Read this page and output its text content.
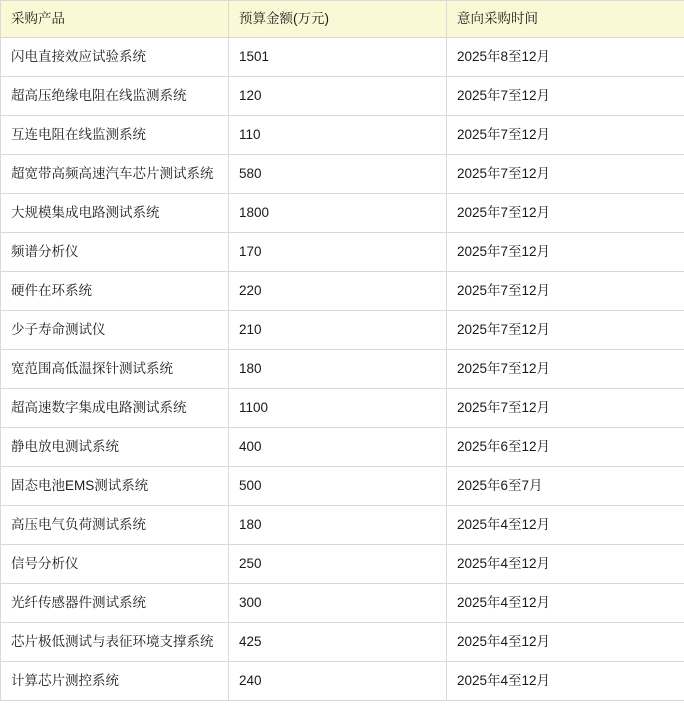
采购产品	预算金额(万元)	意向采购时间
闪电直接效应试验系统	1501	2025年8至12月
超高压绝缘电阻在线监测系统	120	2025年7至12月
互连电阻在线监测系统	110	2025年7至12月
超宽带高频高速汽车芯片测试系统	580	2025年7至12月
大规模集成电路测试系统	1800	2025年7至12月
频谱分析仪	170	2025年7至12月
硬件在环系统	220	2025年7至12月
少子寿命测试仪	210	2025年7至12月
宽范围高低温探针测试系统	180	2025年7至12月
超高速数字集成电路测试系统	1100	2025年7至12月
静电放电测试系统	400	2025年6至12月
固态电池EMS测试系统	500	2025年6至7月
高压电气负荷测试系统	180	2025年4至12月
信号分析仪	250	2025年4至12月
光纤传感器件测试系统	300	2025年4至12月
芯片极低测试与表征环境支撑系统	425	2025年4至12月
计算芯片测控系统	240	2025年4至12月
